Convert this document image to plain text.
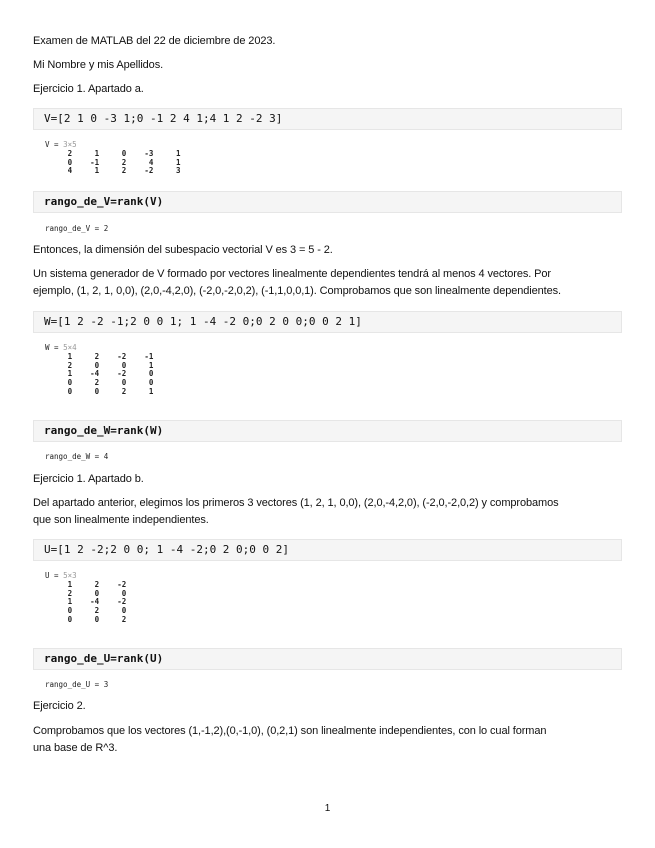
Examen de MATLAB del 22 de diciembre de 2023.
Mi Nombre y mis Apellidos.
Ejercicio 1. Apartado a.
V=[2 1 0 -3 1;0 -1 2 4 1;4 1 2 -2 3]
V = 3×5
2     1     0    -3     1
0    -1     2     4     1
4     1     2    -2     3
rango_de_V=rank(V)
rango_de_V = 2
Entonces, la dimensión del subespacio vectorial V es 3 = 5 - 2.
Un sistema generador de V formado por vectores linealmente dependientes tendrá al menos 4 vectores. Por
ejemplo, (1, 2, 1, 0,0), (2,0,-4,2,0), (-2,0,-2,0,2), (-1,1,0,0,1). Comprobamos que son linealmente dependientes.
W=[1 2 -2 -1;2 0 0 1; 1 -4 -2 0;0 2 0 0;0 0 2 1]
W = 5×4
1     2    -2    -1
2     0     0     1
1    -4    -2     0
0     2     0     0
0     0     2     1
rango_de_W=rank(W)
rango_de_W = 4
Ejercicio 1. Apartado b.
Del apartado anterior, elegimos los primeros 3 vectores (1, 2, 1, 0,0), (2,0,-4,2,0), (-2,0,-2,0,2) y comprobamos
que son linealmente independientes.
U=[1 2 -2;2 0 0; 1 -4 -2;0 2 0;0 0 2]
U = 5×3
1     2    -2
2     0     0
1    -4    -2
0     2     0
0     0     2
rango_de_U=rank(U)
rango_de_U = 3
Ejercicio 2.
Comprobamos que los vectores (1,-1,2),(0,-1,0), (0,2,1) son linealmente independientes, con lo cual forman
una base de R^3.
1
